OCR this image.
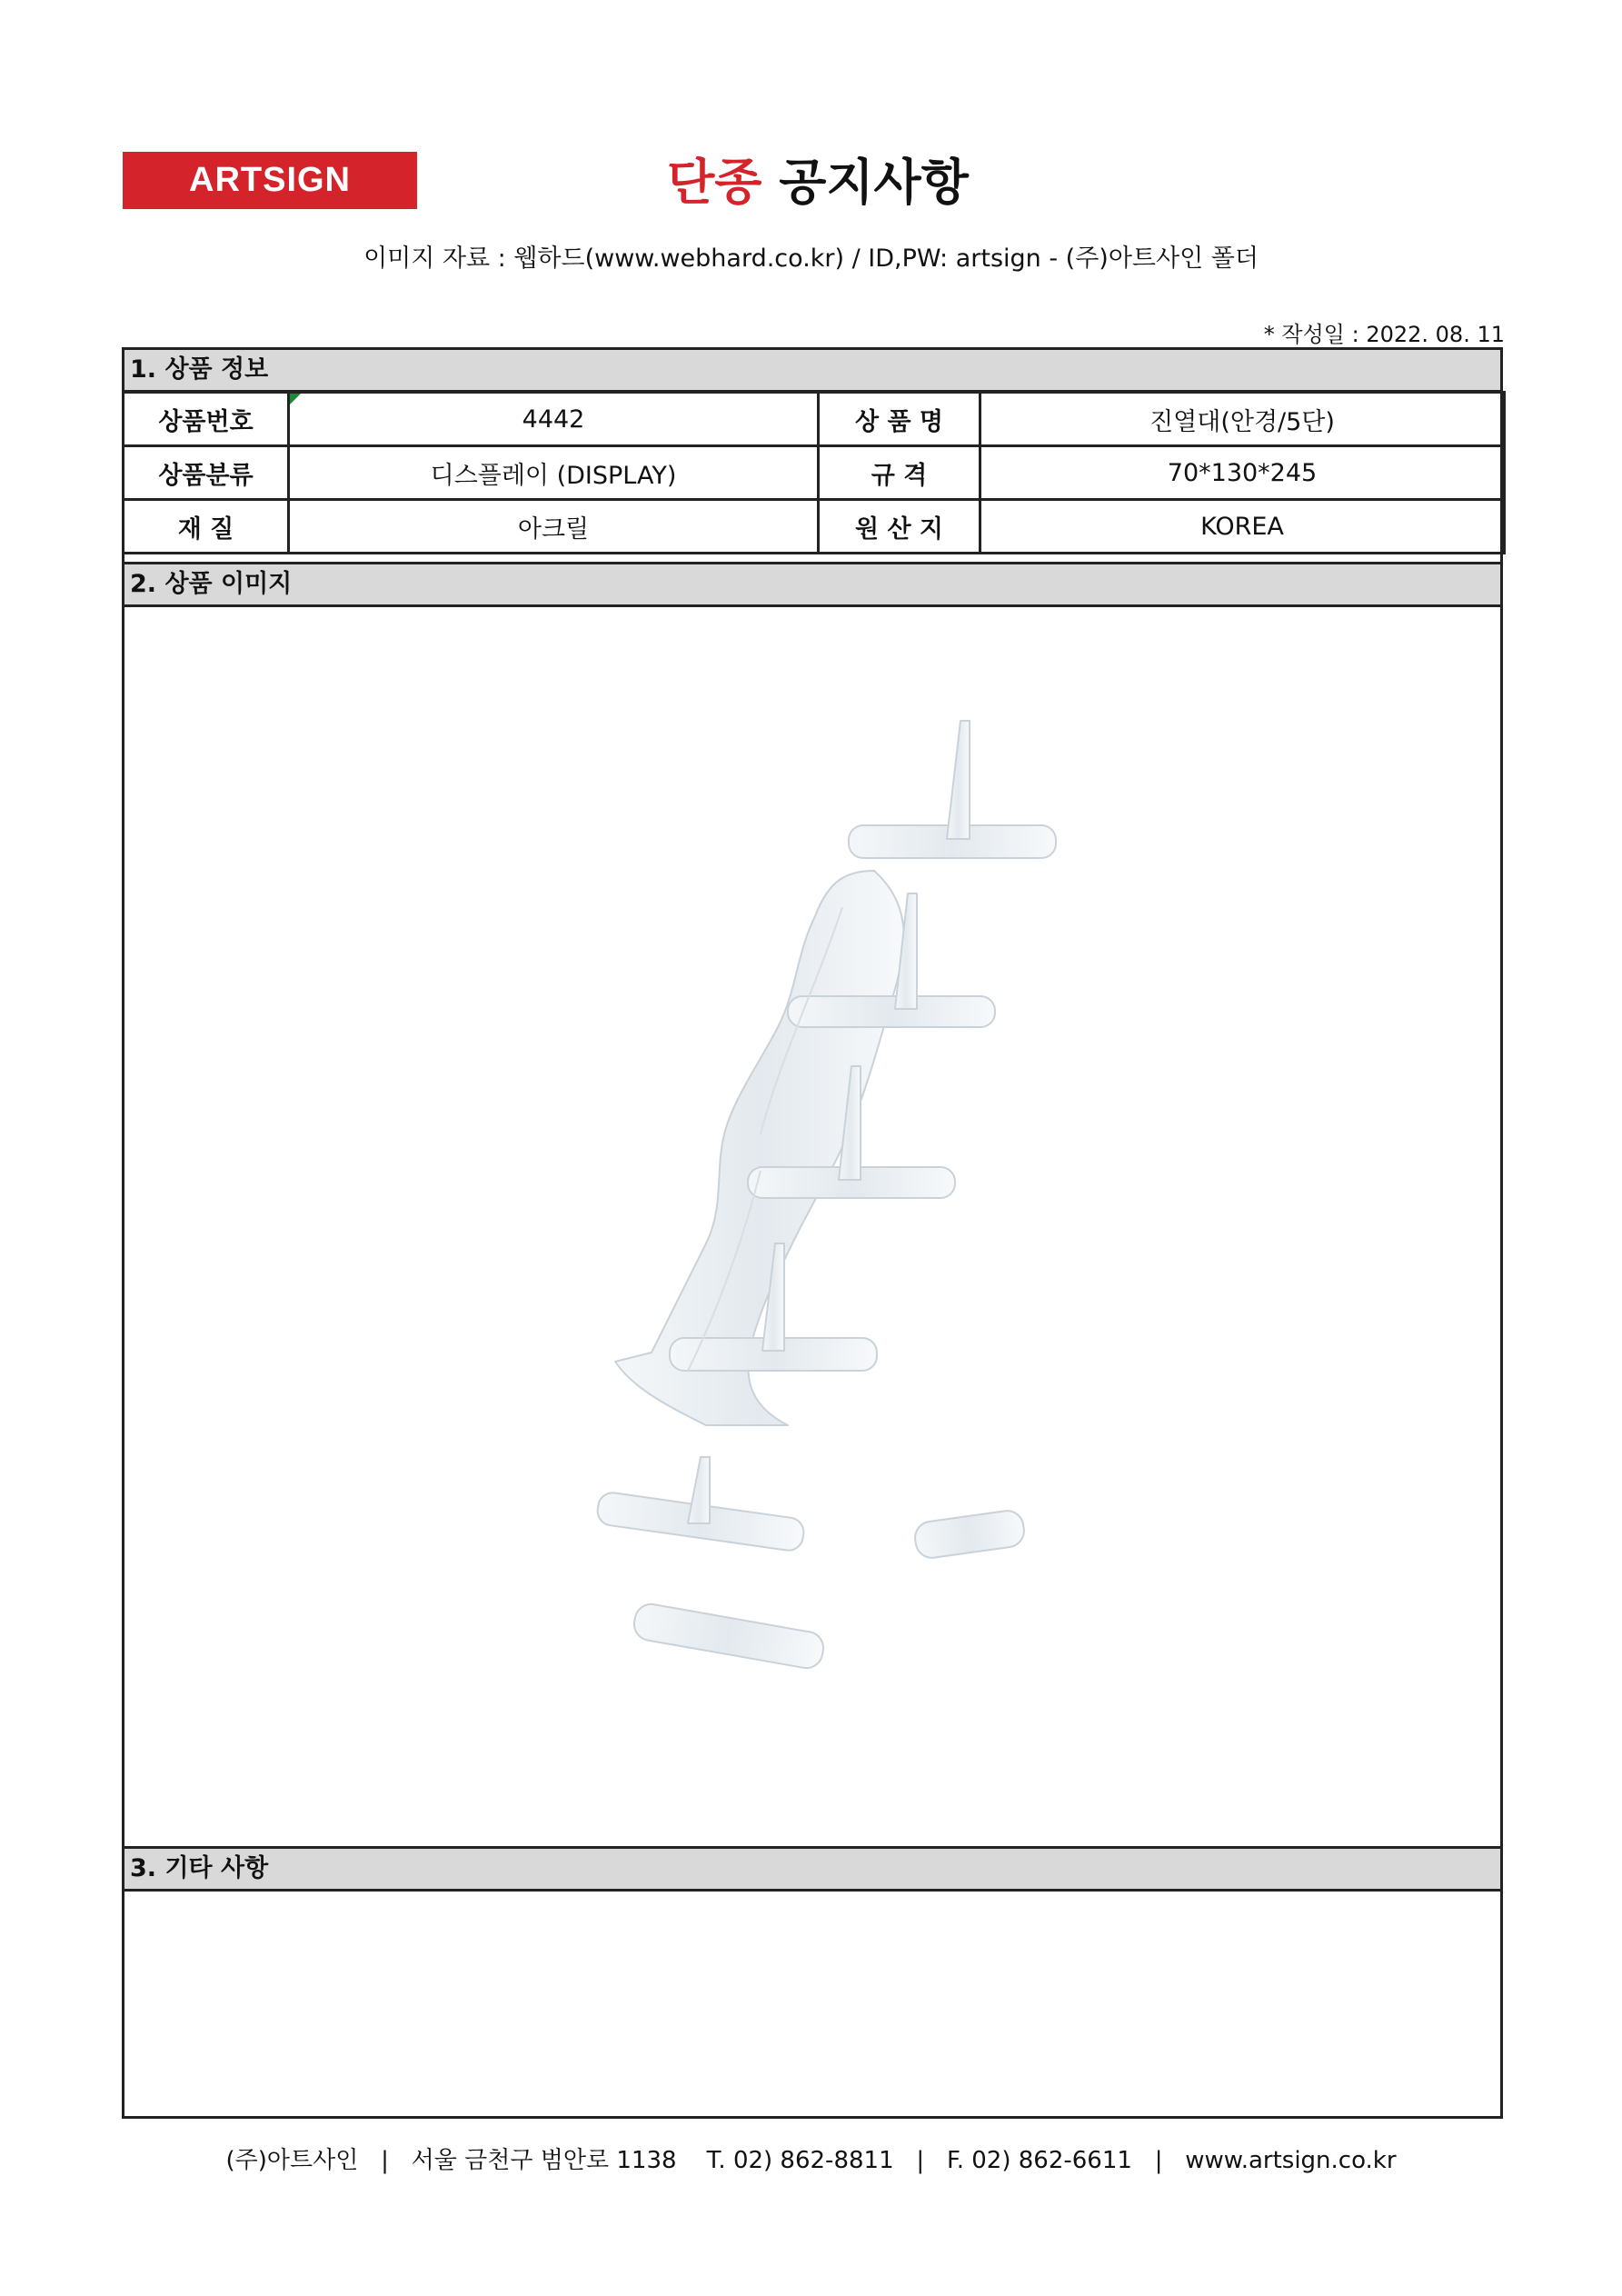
ARTSIGN	단종 공지사항
이미지 자료 : 웹하드(www.webhard.co.kr) / ID,PW: artsign - (주)아트사인 폴더
* 작성일 : 2022. 08. 11
1. 상품 정보
상품번호	4442	상 품 명	진열대(안경/5단)
상품분류	디스플레이 (DISPLAY)	규 격	70*130*245
재 질	아크릴	원 산 지	KOREA
2. 상품 이미지
3. 기타 사항
(주)아트사인   |   서울 금천구 범안로 1138    T. 02) 862-8811   |   F. 02) 862-6611   |   www.artsign.co.kr
